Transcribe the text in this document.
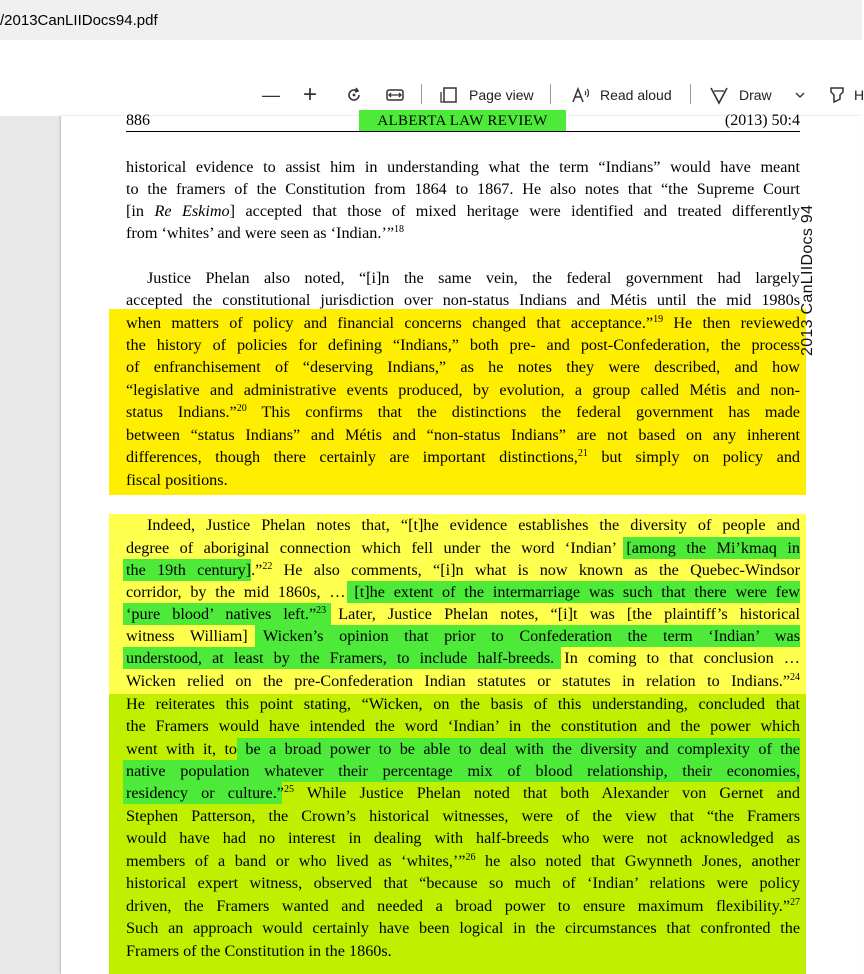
/2013CanLIIDocs94.pdf
— +	Page view	Read aloud	Draw	H
886	ALBERTA LAW REVIEW	(2013) 50:4
historical evidence to assist him in understanding what the term “Indians” would have meant
to the framers of the Constitution from 1864 to 1867. He also notes that “the Supreme Court
[in Re Eskimo] accepted that those of mixed heritage were identified and treated differently
from ‘whites’ and were seen as ‘Indian.’”$^{18}$
Justice Phelan also noted, “[i]n the same vein, the federal government had largely
accepted the constitutional jurisdiction over non-status Indians and Métis until the mid 1980s
when matters of policy and financial concerns changed that acceptance.”$^{19}$ He then reviewed
the history of policies for defining “Indians,” both pre- and post-Confederation, the process
of enfranchisement of “deserving Indians,” as he notes they were described, and how
“legislative and administrative events produced, by evolution, a group called Métis and non-
status Indians.”$^{20}$ This confirms that the distinctions the federal government has made
between “status Indians” and Métis and “non-status Indians” are not based on any inherent
differences, though there certainly are important distinctions,$^{21}$ but simply on policy and
fiscal positions.
Indeed, Justice Phelan notes that, “[t]he evidence establishes the diversity of people and
degree of aboriginal connection which fell under the word ‘Indian’ [among the Mi’kmaq in
the 19th century].”$^{22}$ He also comments, “[i]n what is now known as the Quebec-Windsor
corridor, by the mid 1860s, … [t]he extent of the intermarriage was such that there were few
‘pure blood’ natives left.”$^{23}$ Later, Justice Phelan notes, “[i]t was [the plaintiff’s historical
witness William] Wicken’s opinion that prior to Confederation the term ‘Indian’ was
understood, at least by the Framers, to include half-breeds. In coming to that conclusion …
Wicken relied on the pre-Confederation Indian statutes or statutes in relation to Indians.”$^{24}$
He reiterates this point stating, “Wicken, on the basis of this understanding, concluded that
the Framers would have intended the word ‘Indian’ in the constitution and the power which
went with it, to be a broad power to be able to deal with the diversity and complexity of the
native population whatever their percentage mix of blood relationship, their economies,
residency or culture.”$^{25}$ While Justice Phelan noted that both Alexander von Gernet and
Stephen Patterson, the Crown’s historical witnesses, were of the view that “the Framers
would have had no interest in dealing with half-breeds who were not acknowledged as
members of a band or who lived as ‘whites,’”$^{26}$ he also noted that Gwynneth Jones, another
historical expert witness, observed that “because so much of ‘Indian’ relations were policy
driven, the Framers wanted and needed a broad power to ensure maximum flexibility.”$^{27}$
Such an approach would certainly have been logical in the circumstances that confronted the
Framers of the Constitution in the 1860s.
2013 CanLIIDocs 94
